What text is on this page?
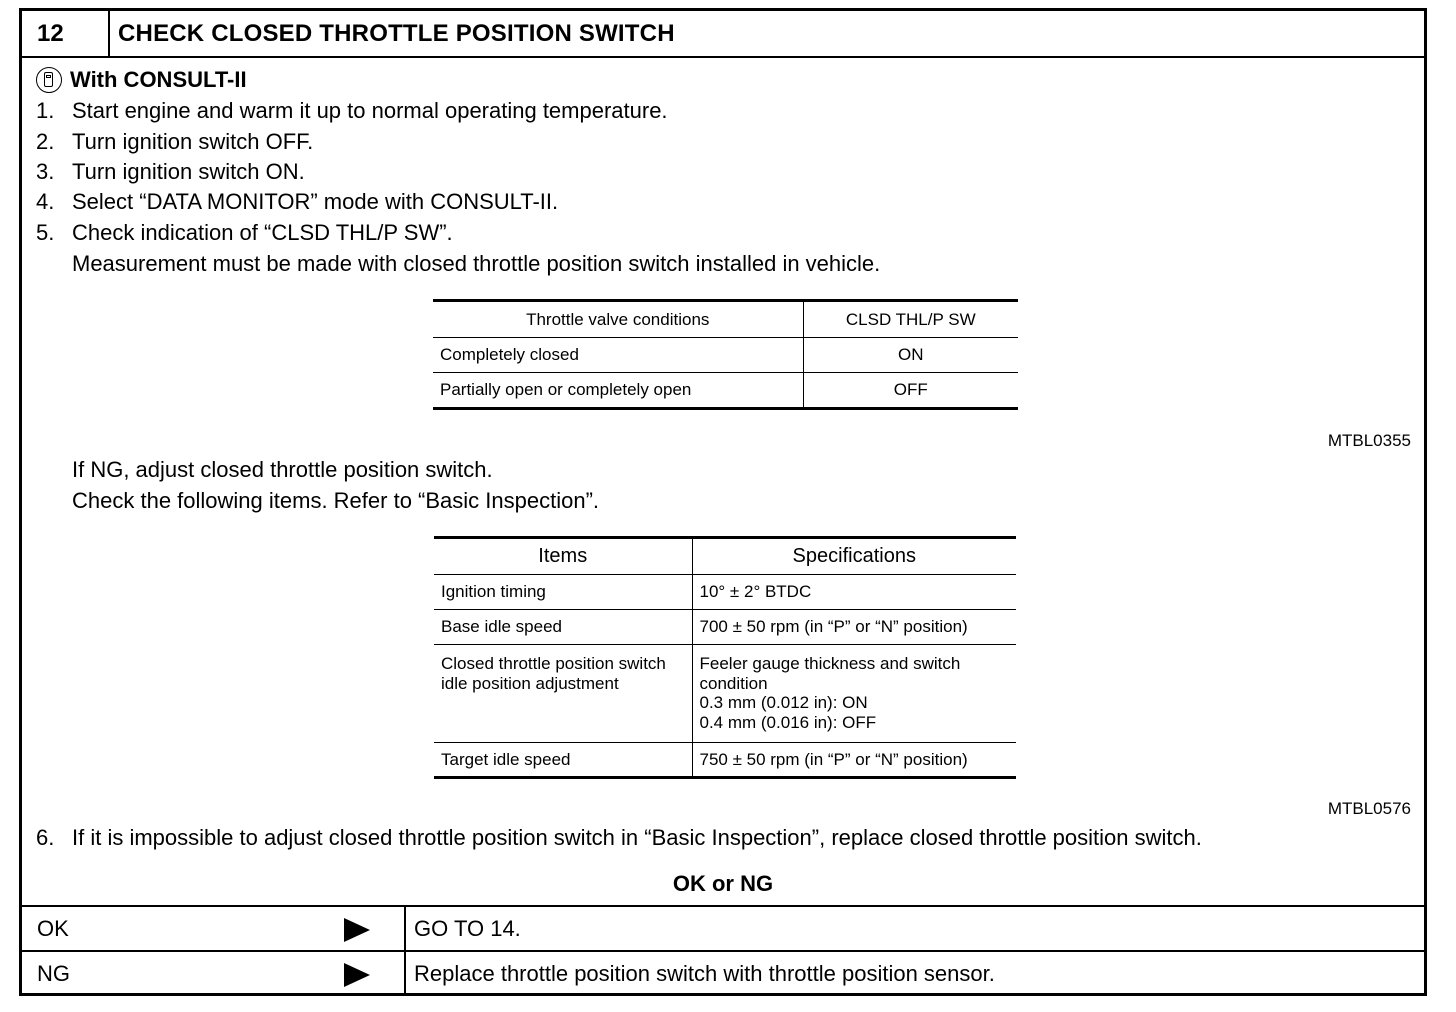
12	CHECK CLOSED THROTTLE POSITION SWITCH
With CONSULT-II
1. Start engine and warm it up to normal operating temperature.
2. Turn ignition switch OFF.
3. Turn ignition switch ON.
4. Select “DATA MONITOR” mode with CONSULT-II.
5. Check indication of “CLSD THL/P SW”.
Measurement must be made with closed throttle position switch installed in vehicle.
Throttle valve conditions	CLSD THL/P SW
Completely closed	ON
Partially open or completely open	OFF
MTBL0355
If NG, adjust closed throttle position switch.
Check the following items. Refer to “Basic Inspection”.
Items	Specifications
Ignition timing	10° ± 2° BTDC
Base idle speed	700 ± 50 rpm (in “P” or “N” position)
Closed throttle position switch idle position adjustment	Feeler gauge thickness and switch condition
0.3 mm (0.012 in): ON
0.4 mm (0.016 in): OFF

Target idle speed	750 ± 50 rpm (in “P” or “N” position)
MTBL0576
6. If it is impossible to adjust closed throttle position switch in “Basic Inspection”, replace closed throttle position switch.
OK or NG
OK	GO TO 14.
NG	Replace throttle position switch with throttle position sensor.
